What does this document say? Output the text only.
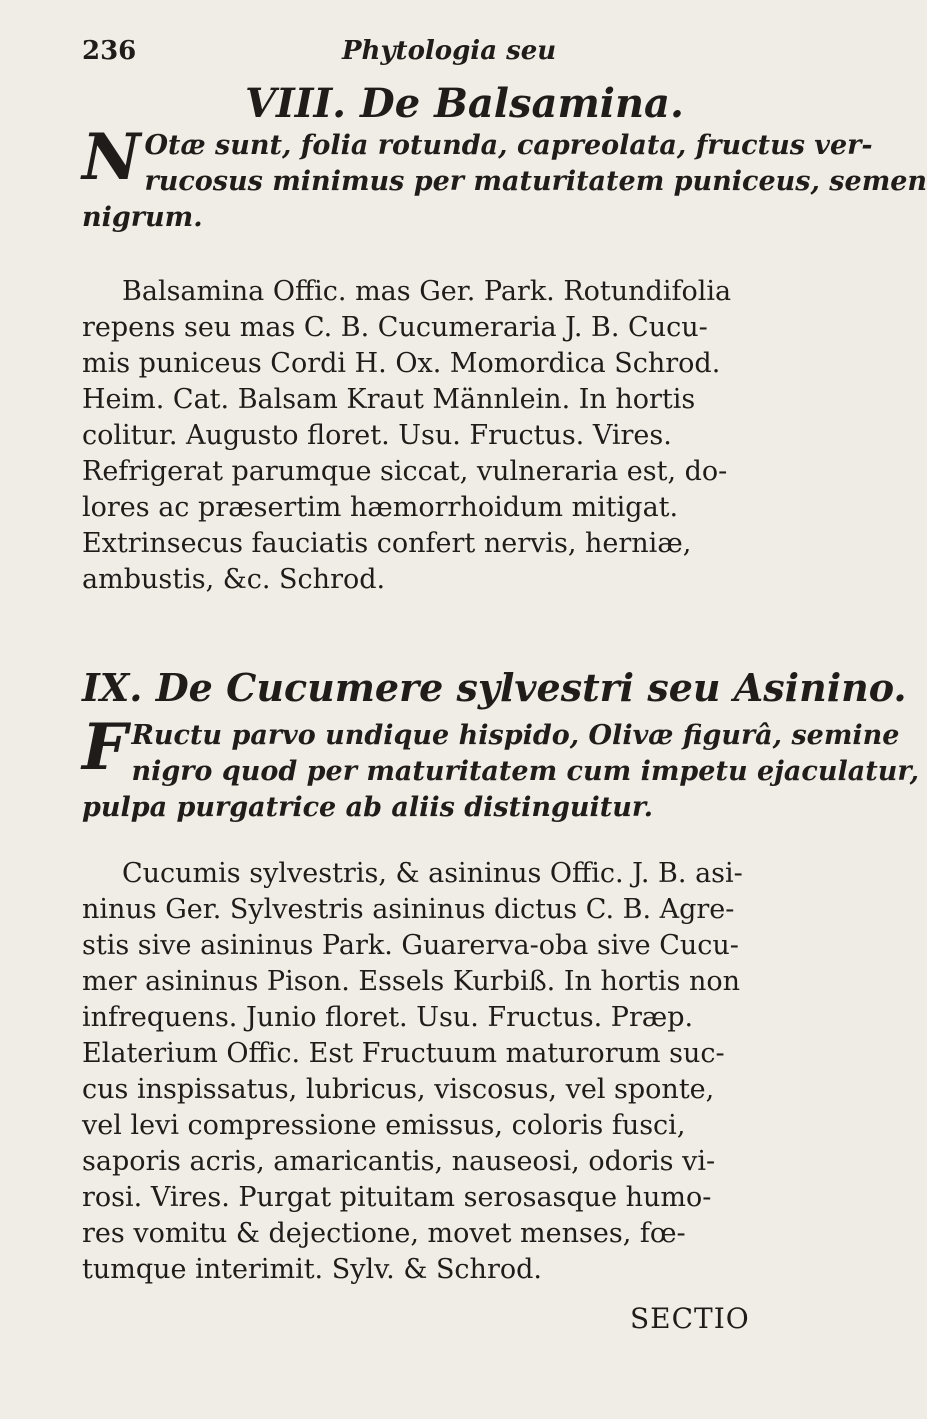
236	Phytologia seu
VIII. De Balsamina.
N Otæ sunt, folia rotunda, capreolata, fructus ver-
rucosus minimus per maturitatem puniceus, semen
nigrum.
Balsamina Offic. mas Ger. Park. Rotundifolia
repens seu mas C. B. Cucumeraria J. B. Cucu-
mis puniceus Cordi H. Ox. Momordica Schrod.
Heim. Cat. Balsam Kraut Männlein. In hortis
colitur. Augusto floret. Usu. Fructus. Vires.
Refrigerat parumque siccat, vulneraria est, do-
lores ac præsertim hæmorrhoidum mitigat.
Extrinsecus fauciatis confert nervis, herniæ,
ambustis, &c. Schrod.
IX. De Cucumere sylvestri seu Asinino.
F Ructu parvo undique hispido, Olivæ figurâ, semine
nigro quod per maturitatem cum impetu ejaculatur,
pulpa purgatrice ab aliis distinguitur.
Cucumis sylvestris, & asininus Offic. J. B. asi-
ninus Ger. Sylvestris asininus dictus C. B. Agre-
stis sive asininus Park. Guarerva-oba sive Cucu-
mer asininus Pison. Essels Kurbiß. In hortis non
infrequens. Junio floret. Usu. Fructus. Præp.
Elaterium Offic. Est Fructuum maturorum suc-
cus inspissatus, lubricus, viscosus, vel sponte,
vel levi compressione emissus, coloris fusci,
saporis acris, amaricantis, nauseosi, odoris vi-
rosi. Vires. Purgat pituitam serosasque humo-
res vomitu & dejectione, movet menses, fœ-
tumque interimit. Sylv. & Schrod.
SECTIO
